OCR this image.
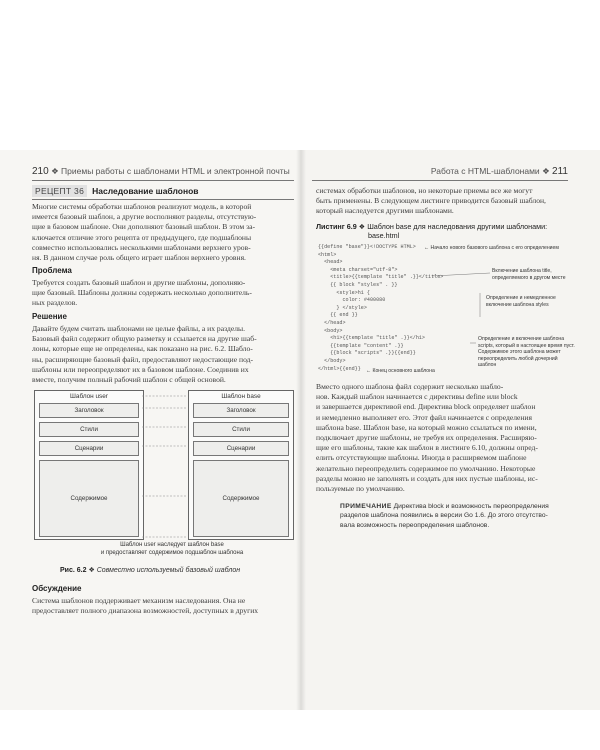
210 ❖ Приемы работы с шаблонами HTML и электронной почты
РЕЦЕПТ 36 Наследование шаблонов
Многие системы обработки шаблонов реализуют модель, в которой
имеется базовый шаблон, а другие восполняют разделы, отсутствую-
щие в базовом шаблоне. Они дополняют базовый шаблон. В этом за-
ключается отличие этого рецепта от предыдущего, где подшаблоны
совместно использовались несколькими шаблонами верхнего уров-
ня. В данном случае роль общего играет шаблон верхнего уровня.
Проблема
Требуется создать базовый шаблон и другие шаблоны, дополняю-
щие базовый. Шаблоны должны содержать несколько дополнитель-
ных разделов.
Решение
Давайте будем считать шаблонами не целые файлы, а их разделы.
Базовый файл содержит общую разметку и ссылается на другие шаб-
лоны, которые еще не определены, как показано на рис. 6.2. Шабло-
ны, расширяющие базовый файл, предоставляют недостающие под-
шаблоны или переопределяют их в базовом шаблоне. Соединив их
вместе, получим полный рабочий шаблон с общей основой.
Шаблон user
Заголовок
Стили
Сценарии
Содержимое
Шаблон base
Заголовок
Стили
Сценарии
Содержимое
Шаблон user наследует шаблон base
и предоставляет содержимое подшаблон шаблона
Рис. 6.2 ❖ Совместно используемый базовый шаблон
Обсуждение
Система шаблонов поддерживает механизм наследования. Она не
предоставляет полного диапазона возможностей, доступных в других
Работа с HTML-шаблонами ❖ 211
системах обработки шаблонов, но некоторые приемы все же могут
быть применены. В следующем листинге приводится базовый шаблон,
который наследуется другими шаблонами.
Листинг 6.9 ❖ Шаблон base для наследования другими шаблонами:
base.html
{{define "base"}}<!DOCTYPE HTML>
<html>
<head>
<meta charset="utf-8">
<title>{{template "title" .}}</title>
{{ block "styles" . }}
<style>h1 {
color: #400080
} </style>
{{ end }}
</head>
<body>
<h1>{{template "title" .}}</h1>
{{template "content" .}}
{{block "scripts" .}}{{end}}
</body>
</html>{{end}}
← Начало нового базового шаблона с его определением
Включение шаблона title, определяемого в другом месте
Определение и немедленное включение шаблона styles
Определение и включение шаблона scripts, который в настоящее время пуст. Содержимое этого шаблона может переопределить любой дочерний шаблон
← Конец основного шаблона
Вместо одного шаблона файл содержит несколько шабло-
нов. Каждый шаблон начинается с директивы define или block
и завершается директивой end. Директива block определяет шаблон
и немедленно выполняет его. Этот файл начинается с определения
шаблона base. Шаблон base, на который можно ссылаться по имени,
подключает другие шаблоны, не требуя их определения. Расширяю-
щие его шаблоны, такие как шаблон в листинге 6.10, должны опред-
елить отсутствующие шаблоны. Иногда в расширяемом шаблоне
желательно переопределить содержимое по умолчанию. Некоторые
разделы можно не заполнять и создать для них пустые шаблоны, ис-
пользуемые по умолчанию.
ПРИМЕЧАНИЕ Директива block и возможность переопределения
разделов шаблона появились в версии Go 1.6. До этого отсутство-
вала возможность переопределения шаблонов.
